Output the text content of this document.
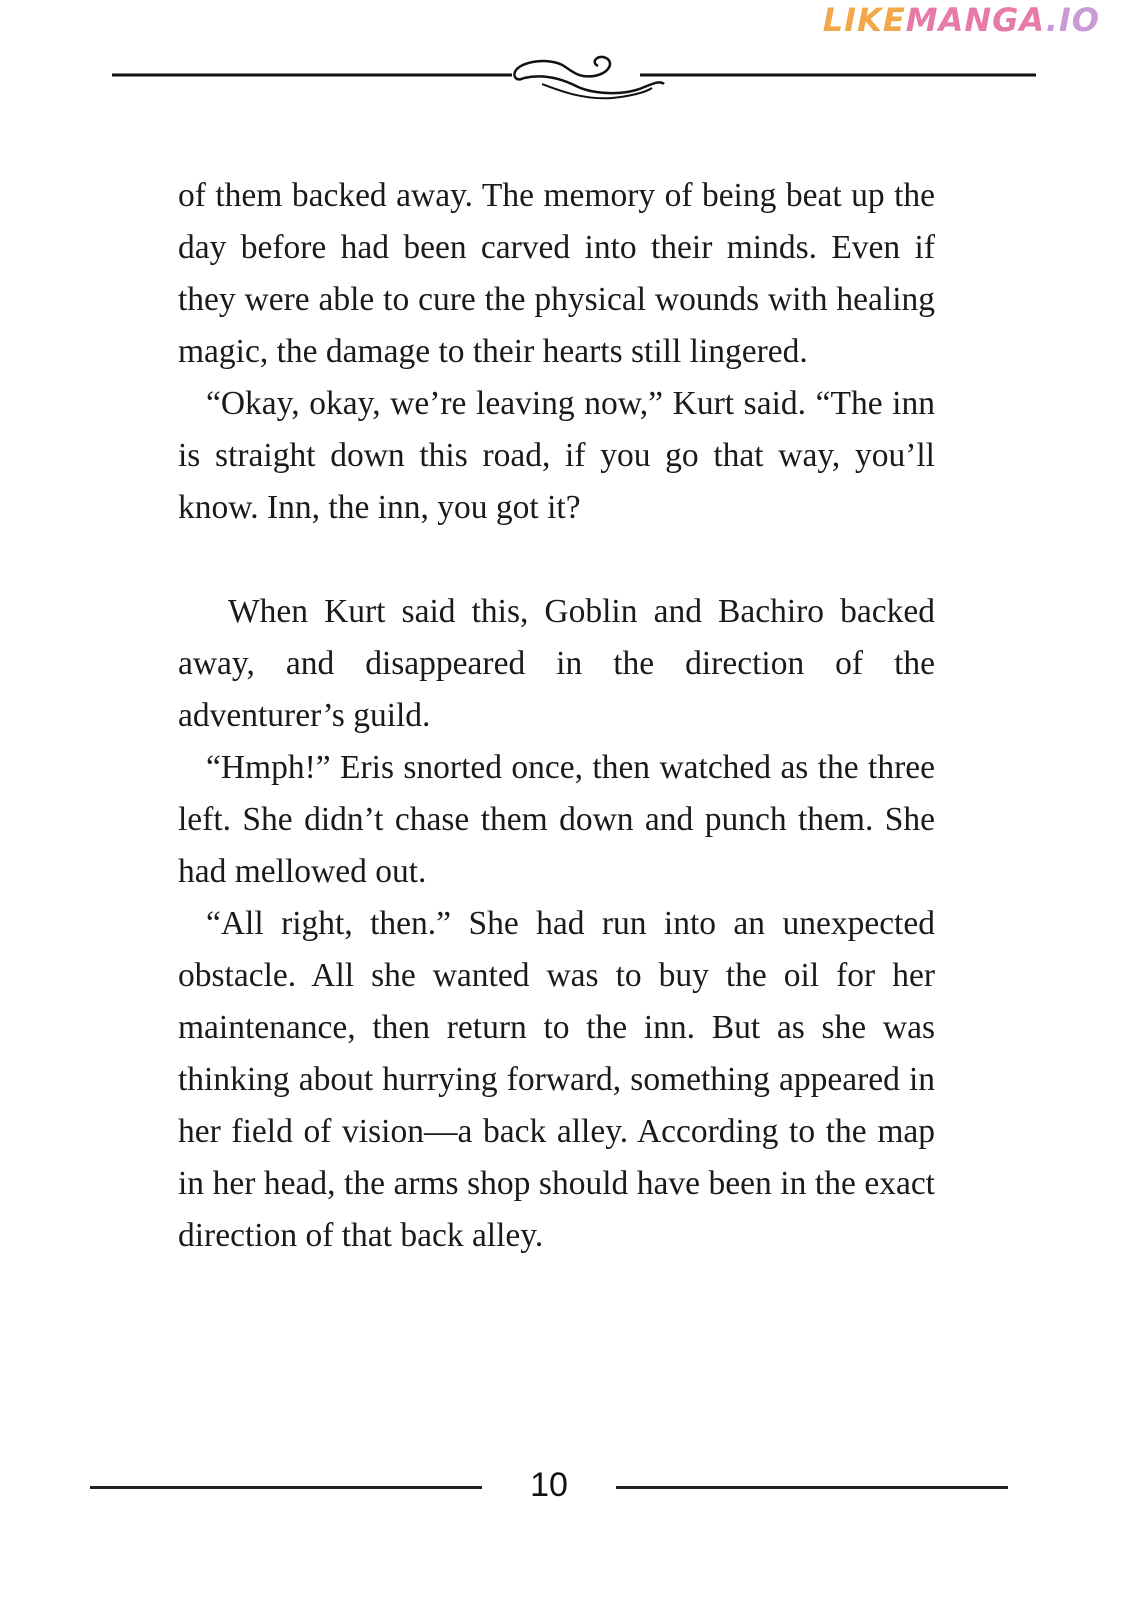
LIKEMANGA.IO

of them backed away. The memory of being beat up the day before had been carved into their minds. Even if they were able to cure the physical wounds with healing magic, the damage to their hearts still lingered.

“Okay, okay, we’re leaving now,” Kurt said. “The inn is straight down this road, if you go that way, you’ll know. Inn, the inn, you got it?

When Kurt said this, Goblin and Bachiro backed away, and disappeared in the direction of the adventurer’s guild.

“Hmph!” Eris snorted once, then watched as the three left. She didn’t chase them down and punch them. She had mellowed out.

“All right, then.” She had run into an unexpected obstacle. All she wanted was to buy the oil for her maintenance, then return to the inn. But as she was thinking about hurrying forward, something appeared in her field of vision—a back alley. According to the map in her head, the arms shop should have been in the exact direction of that back alley.

10
